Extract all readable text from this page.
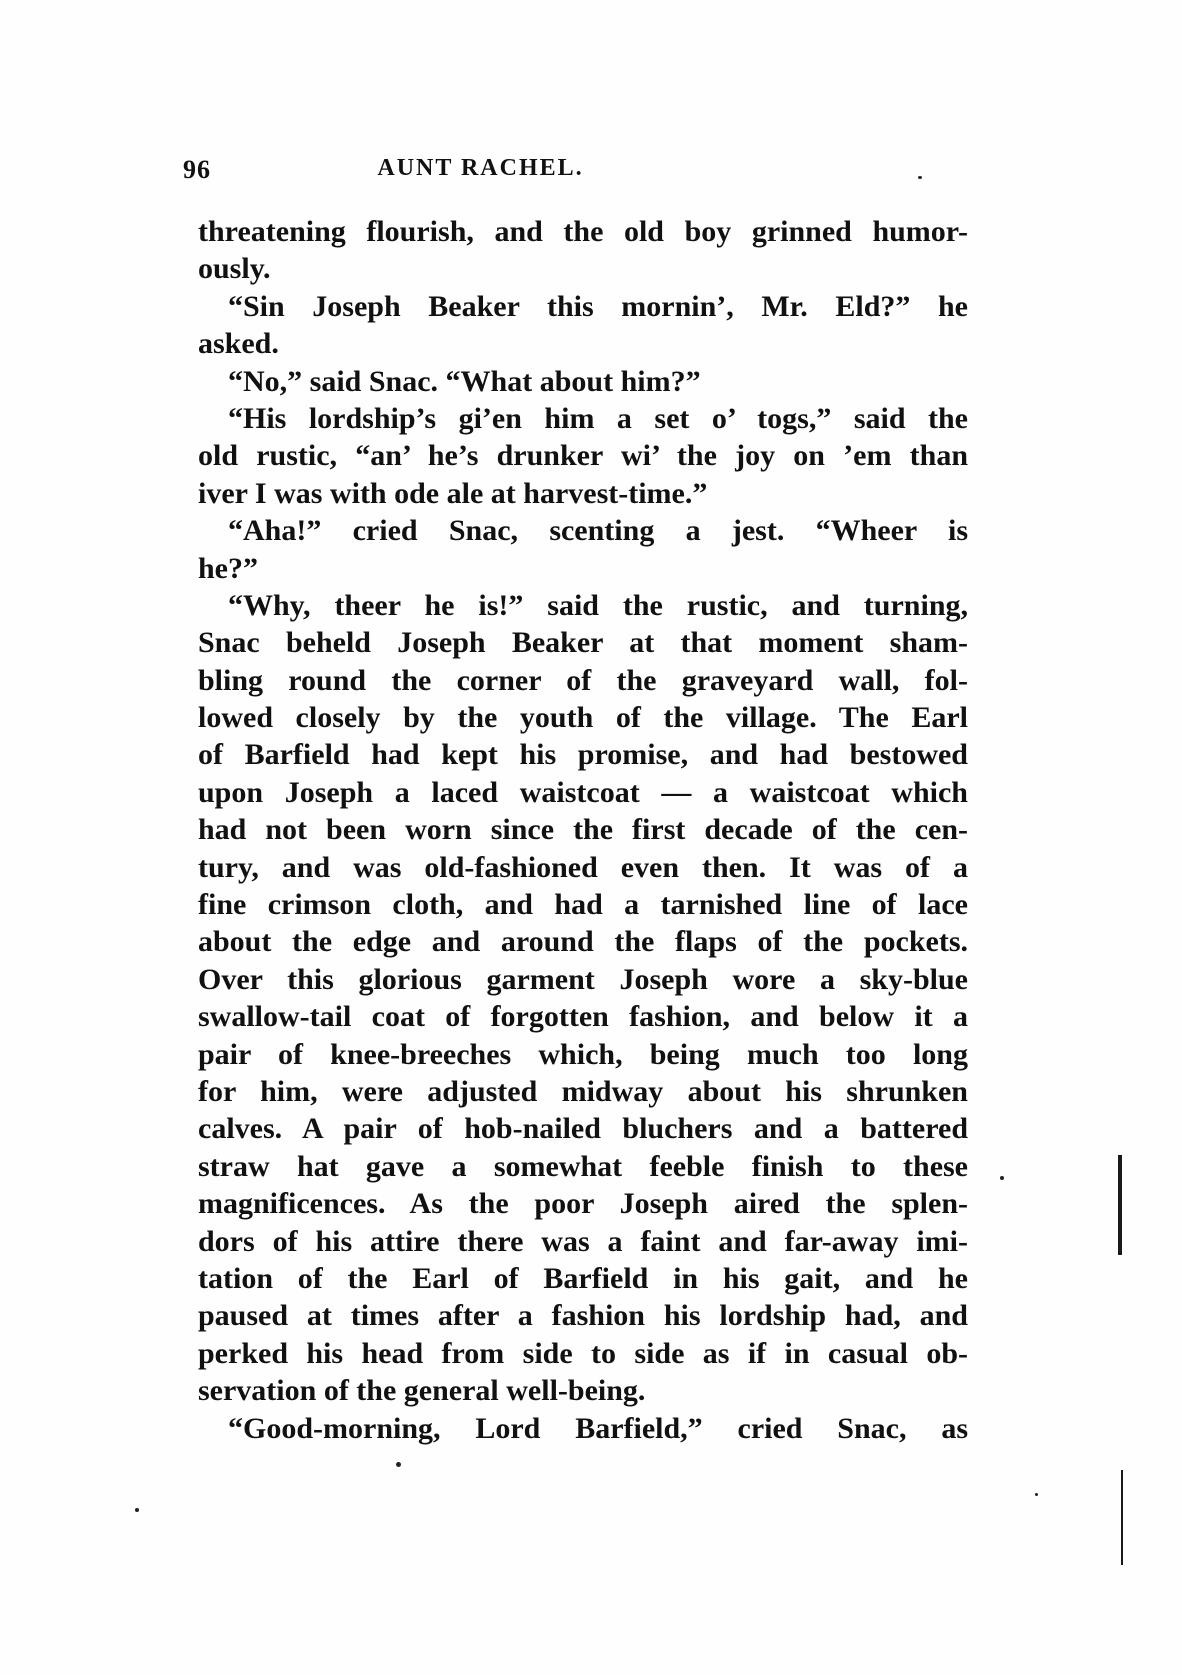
96	AUNT RACHEL.
threatening flourish, and the old boy grinned humor-
ously.
“Sin Joseph Beaker this mornin’, Mr. Eld?” he
asked.
“No,” said Snac. “What about him?”
“His lordship’s gi’en him a set o’ togs,” said the
old rustic, “an’ he’s drunker wi’ the joy on ’em than
iver I was with ode ale at harvest-time.”
“Aha!” cried Snac, scenting a jest. “Wheer is
he?”
“Why, theer he is!” said the rustic, and turning,
Snac beheld Joseph Beaker at that moment sham-
bling round the corner of the graveyard wall, fol-
lowed closely by the youth of the village. The Earl
of Barfield had kept his promise, and had bestowed
upon Joseph a laced waistcoat — a waistcoat which
had not been worn since the first decade of the cen-
tury, and was old-fashioned even then. It was of a
fine crimson cloth, and had a tarnished line of lace
about the edge and around the flaps of the pockets.
Over this glorious garment Joseph wore a sky-blue
swallow-tail coat of forgotten fashion, and below it a
pair of knee-breeches which, being much too long
for him, were adjusted midway about his shrunken
calves. A pair of hob-nailed bluchers and a battered
straw hat gave a somewhat feeble finish to these
magnificences. As the poor Joseph aired the splen-
dors of his attire there was a faint and far-away imi-
tation of the Earl of Barfield in his gait, and he
paused at times after a fashion his lordship had, and
perked his head from side to side as if in casual ob-
servation of the general well-being.
“Good-morning, Lord Barfield,” cried Snac, as
